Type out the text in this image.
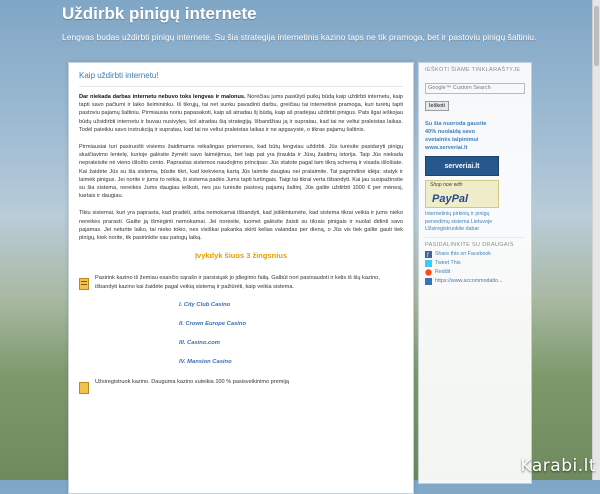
Uždirbk pinigų internete
Lengvas budas uždirbti pinigų internete. Su šia strategija internetinis kazino taps ne tik pramoga, bet ir pastoviu pinigų šaltiniu.
Kaip uždirbti internetu!

Dar niekada darbas internetu nebuvo toks lengvas ir malonus. Norėčiau jums pasiūlyti puikų būdą kaip uždirbti internetu, kaip tapti savo pačiumi ir laiko šeimininku. Iš tikrųjų, tai net sunku pavadinti darbu, greičiau tai internetinė pramoga, kuri turėtų tapti pastoviu pajamų šaltiniu. Pirmiausia noriu papasakoti, kaip aš atradau šį būdą, kaip aš pradėjau uždirbti pinigus. Pats ilgai ieškojau būdų užsidirbti internetu ir buvau nusivylęs, kol atradau šią strategiją. Išbandžiau ją ir supratau, kad tai ne veltui praleistas laikas. Todėl pateikiu savo instrukciją ir supratau, kad tai ne veltui praleistas laikas ir ne apgavystė, o tikras pajamų šaltinis.

Pirmiausiai turi pasiruošti visiems žaidimams reikalingas priemones, kad būtų lengviau uždirbti. Jūs turėsite pasidaryti pinigų skaičiavimo lentelę, kurioje galėsite žymėti savo laimėjimus, bet taip pat yra įtraukta ir Jūsų žaidimų istorija. Taip Jūs niekada nepraleisite nė vieno išlošto cento. Paprastas sistemos naudojimo principas: Jūs statote pagal tam tikrą schemą ir visada išlošiate. Kai žaidėte Jūs su šia sistema, būsite tikri, kad kiekvieną kartą Jūs laimite daugiau nei pralaimite. Tai pagrindinė idėja: statyk ir laimėk pinigus. Jei norite ir jums to reikia, ši sistema padės Jums tapti turtingais. Taigi tai tikrai verta išbandyti. Kai jau susipažinsite su šia sistema, nereikės Jums daugiau ieškoti, nes jau turėsite pastovų pajamų šaltinį. Jūs galite uždirbti 1000 € per mėnesį, kartais ir daugiau.

Tikiu sistemai, kuri yra paprasta, kad pradėti, arba nemokamai išbandyti, kad įsitikintumėte, kad sistema tikrai veikia ir jums nieko nereikės prarasti. Galite ją išmėginti nemokamai. Jei norėsite, tuomet galėsite žaisti su tikrais pinigais ir nuolat didinti savo pajamas. Jei neturite laiko, tai nieko tokio, nes visiškai pakanka skirti kelias valandas per dieną, o Jūs vis tiek galite gauti tiek pinigų, kiek norite, tik pasirinkite sau patogų laiką.

Įvykdyk šiuos 3 žingsnius
Pasirink kazino iš žemiau esančio sąrašo ir parsisiųsk jo įdiegimo failą. Galbūt nori pasinaudoti ir kelis iš šių kazino, išbandyti kazino kai žaidėte pagal veikią sistemą ir pažiūrėti, kaip veikia sistema.
I. City Club Casino
II. Crown Europe Casino
III. Casino.com
IV. Mansion Casino
Užsiregistruok kazino. Dauguma kazino suteikia 100 % pasisveikinimo premiją
IEŠKOTI ŠIAME TINKLARAŠTYJE
Google™ Custom Search
Ieškoti
Su šia nuoroda gausite
40% nuolaidą savo
svetainės talpinimui
www.serveriai.lt
serveriai.lt
Shop now with
PayPal
Internetinių pirkinių ir pinigų
pervedimų sistema Lietuvoje
Užsiregistruokite dabar
PASIDALINKITE SU DRAUGAIS
f Share this on Facebook
Tweet This
Reddit
https://www.accommodatio...
Karabi.lt
